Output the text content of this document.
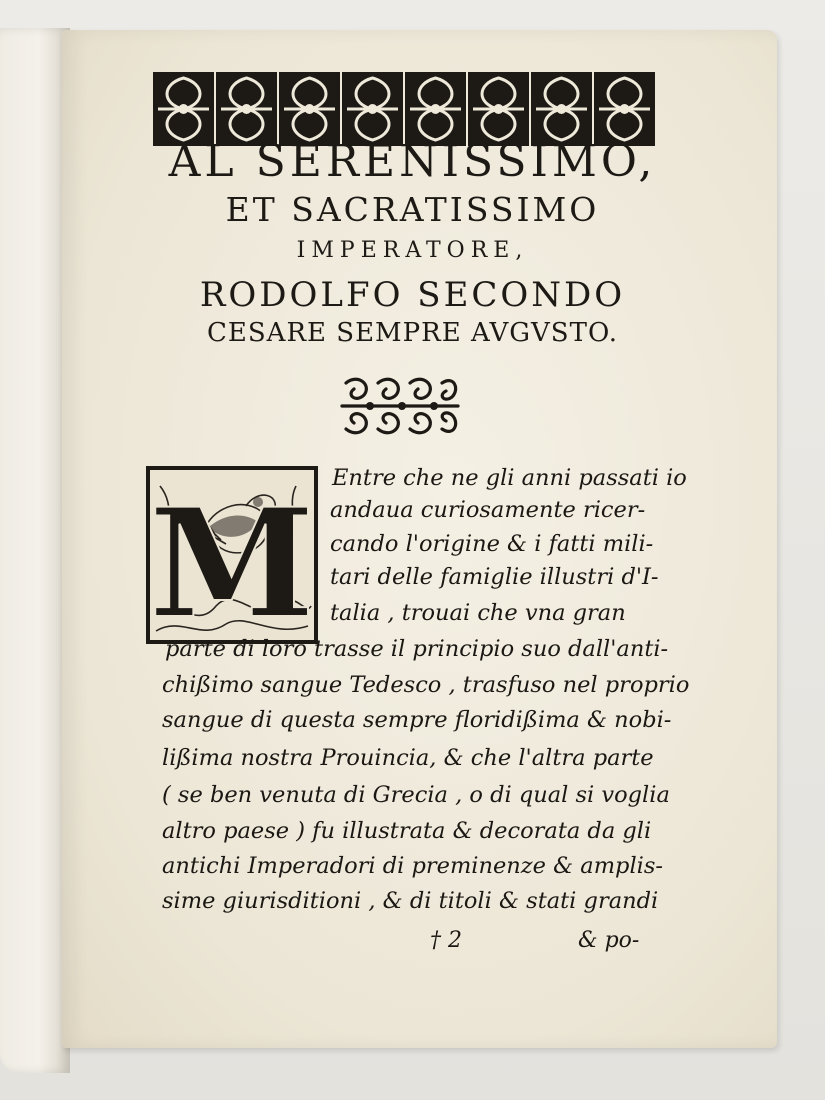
AL SERENISSIMO,
ET SACRATISSIMO
IMPERATORE,
RODOLFO SECONDO
CESARE SEMPRE AVGVSTO.
M Entre che ne gli anni passati io
andaua curiosamente ricer-
cando l'origine & i fatti mili-
tari delle famiglie illustri d'I-
talia , trouai che vna gran
parte di loro trasse il principio suo dall'anti-
chißimo sangue Tedesco , trasfuso nel proprio
sangue di questa sempre floridißima & nobi-
lißima nostra Prouincia, & che l'altra parte
( se ben venuta di Grecia , o di qual si voglia
altro paese ) fu illustrata & decorata da gli
antichi Imperadori di preminenze & amplis-
sime giurisditioni , & di titoli & stati grandi
† 2	& po-
